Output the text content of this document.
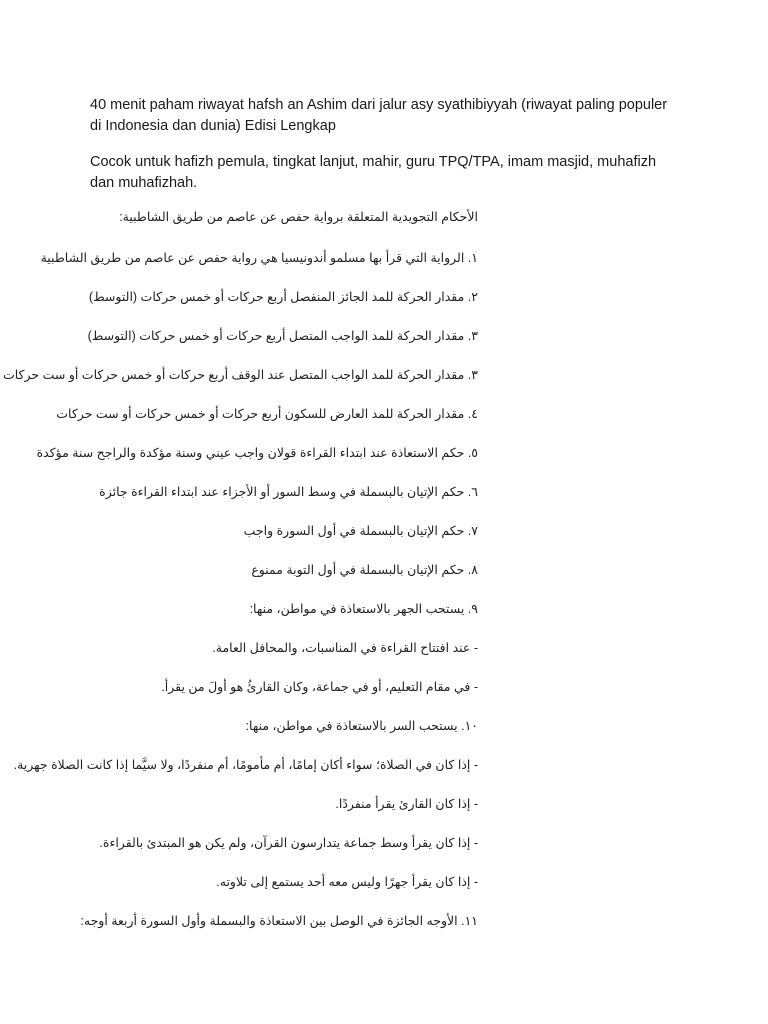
40 menit paham riwayat hafsh an Ashim dari jalur asy syathibiyyah (riwayat paling populer di Indonesia dan dunia) Edisi Lengkap
Cocok untuk hafizh pemula, tingkat lanjut, mahir, guru TPQ/TPA, imam masjid, muhafizh dan muhafizhah.
الأحكام التجويدية المتعلقة برواية حفص عن عاصم من طريق الشاطبية:
١. الرواية التي قرأ بها مسلمو أندونيسيا هي رواية حفص عن عاصم من طريق الشاطبية
٢. مقدار الحركة للمد الجائز المنفصل أربع حركات أو خمس حركات (التوسط)
٣. مقدار الحركة للمد الواجب المتصل أربع حركات أو خمس حركات (التوسط)
٣. مقدار الحركة للمد الواجب المتصل عند الوقف أربع حركات أو خمس حركات أو ست حركات
٤. مقدار الحركة للمد العارض للسكون أربع حركات أو خمس حركات أو ست حركات
٥. حكم الاستعاذة عند ابتداء القراءة قولان واجب عيني وسنة مؤكدة والراجح سنة مؤكدة
٦. حكم الإتيان بالبسملة في وسط السور أو الأجزاء عند ابتداء القراءة جائزة
٧. حكم الإتيان بالبسملة في أول السورة واجب
٨. حكم الإتيان بالبسملة في أول التوبة ممنوع
٩. يستحب الجهر بالاستعاذة في مواطن، منها:
- عند افتتاح القراءة في المناسبات، والمحافل العامة.
- في مقام التعليم، أو في جماعة، وكان القارئُ هو أولَ من يقرأ.
١٠. يستحب السر بالاستعاذة في مواطن، منها:
- إذا كان في الصلاة؛ سواء أكان إمامًا، أم مأمومًا، أم منفردًا، ولا سيَّما إذا كانت الصلاة جهرية.
- إذا كان القارئ يقرأ منفردًا.
- إذا كان يقرأ وسط جماعة يتدارسون القرآن، ولم يكن هو المبتدئ بالقراءة.
- إذا كان يقرأ جهرًا وليس معه أحد يستمع إلى تلاوته.
١١. الأوجه الجائزة في الوصل بين الاستعاذة والبسملة وأول السورة أربعة أوجه:
